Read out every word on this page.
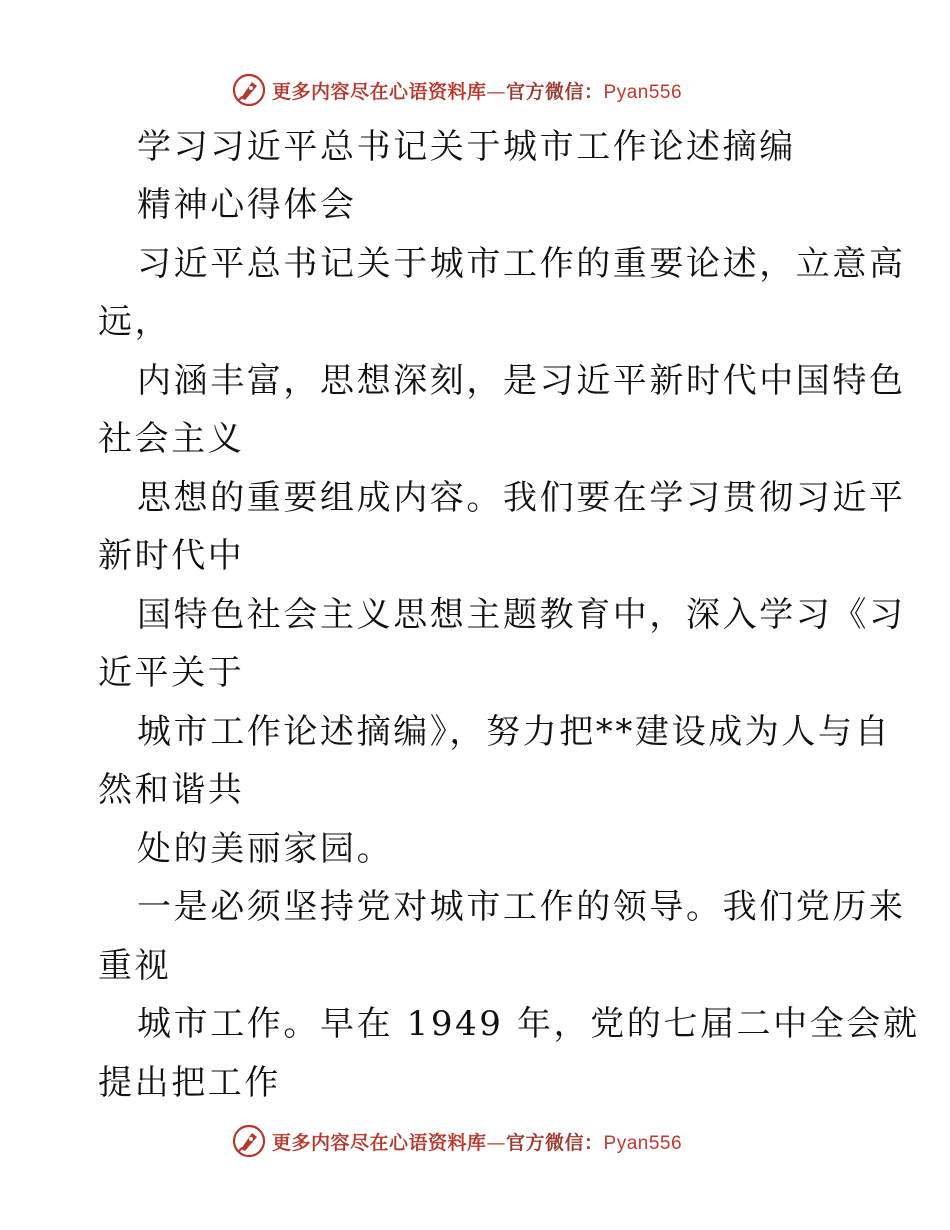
更多内容尽在心语资料库—官方微信：Pyan556
学习习近平总书记关于城市工作论述摘编
精神心得体会
习近平总书记关于城市工作的重要论述，立意高
远，
内涵丰富，思想深刻，是习近平新时代中国特色
社会主义
思想的重要组成内容。我们要在学习贯彻习近平
新时代中
国特色社会主义思想主题教育中，深入学习《习
近平关于
城市工作论述摘编》，努力把**建设成为人与自
然和谐共
处的美丽家园。
一是必须坚持党对城市工作的领导。我们党历来
重视
城市工作。早在 1949 年，党的七届二中全会就
提出把工作
更多内容尽在心语资料库—官方微信：Pyan556
